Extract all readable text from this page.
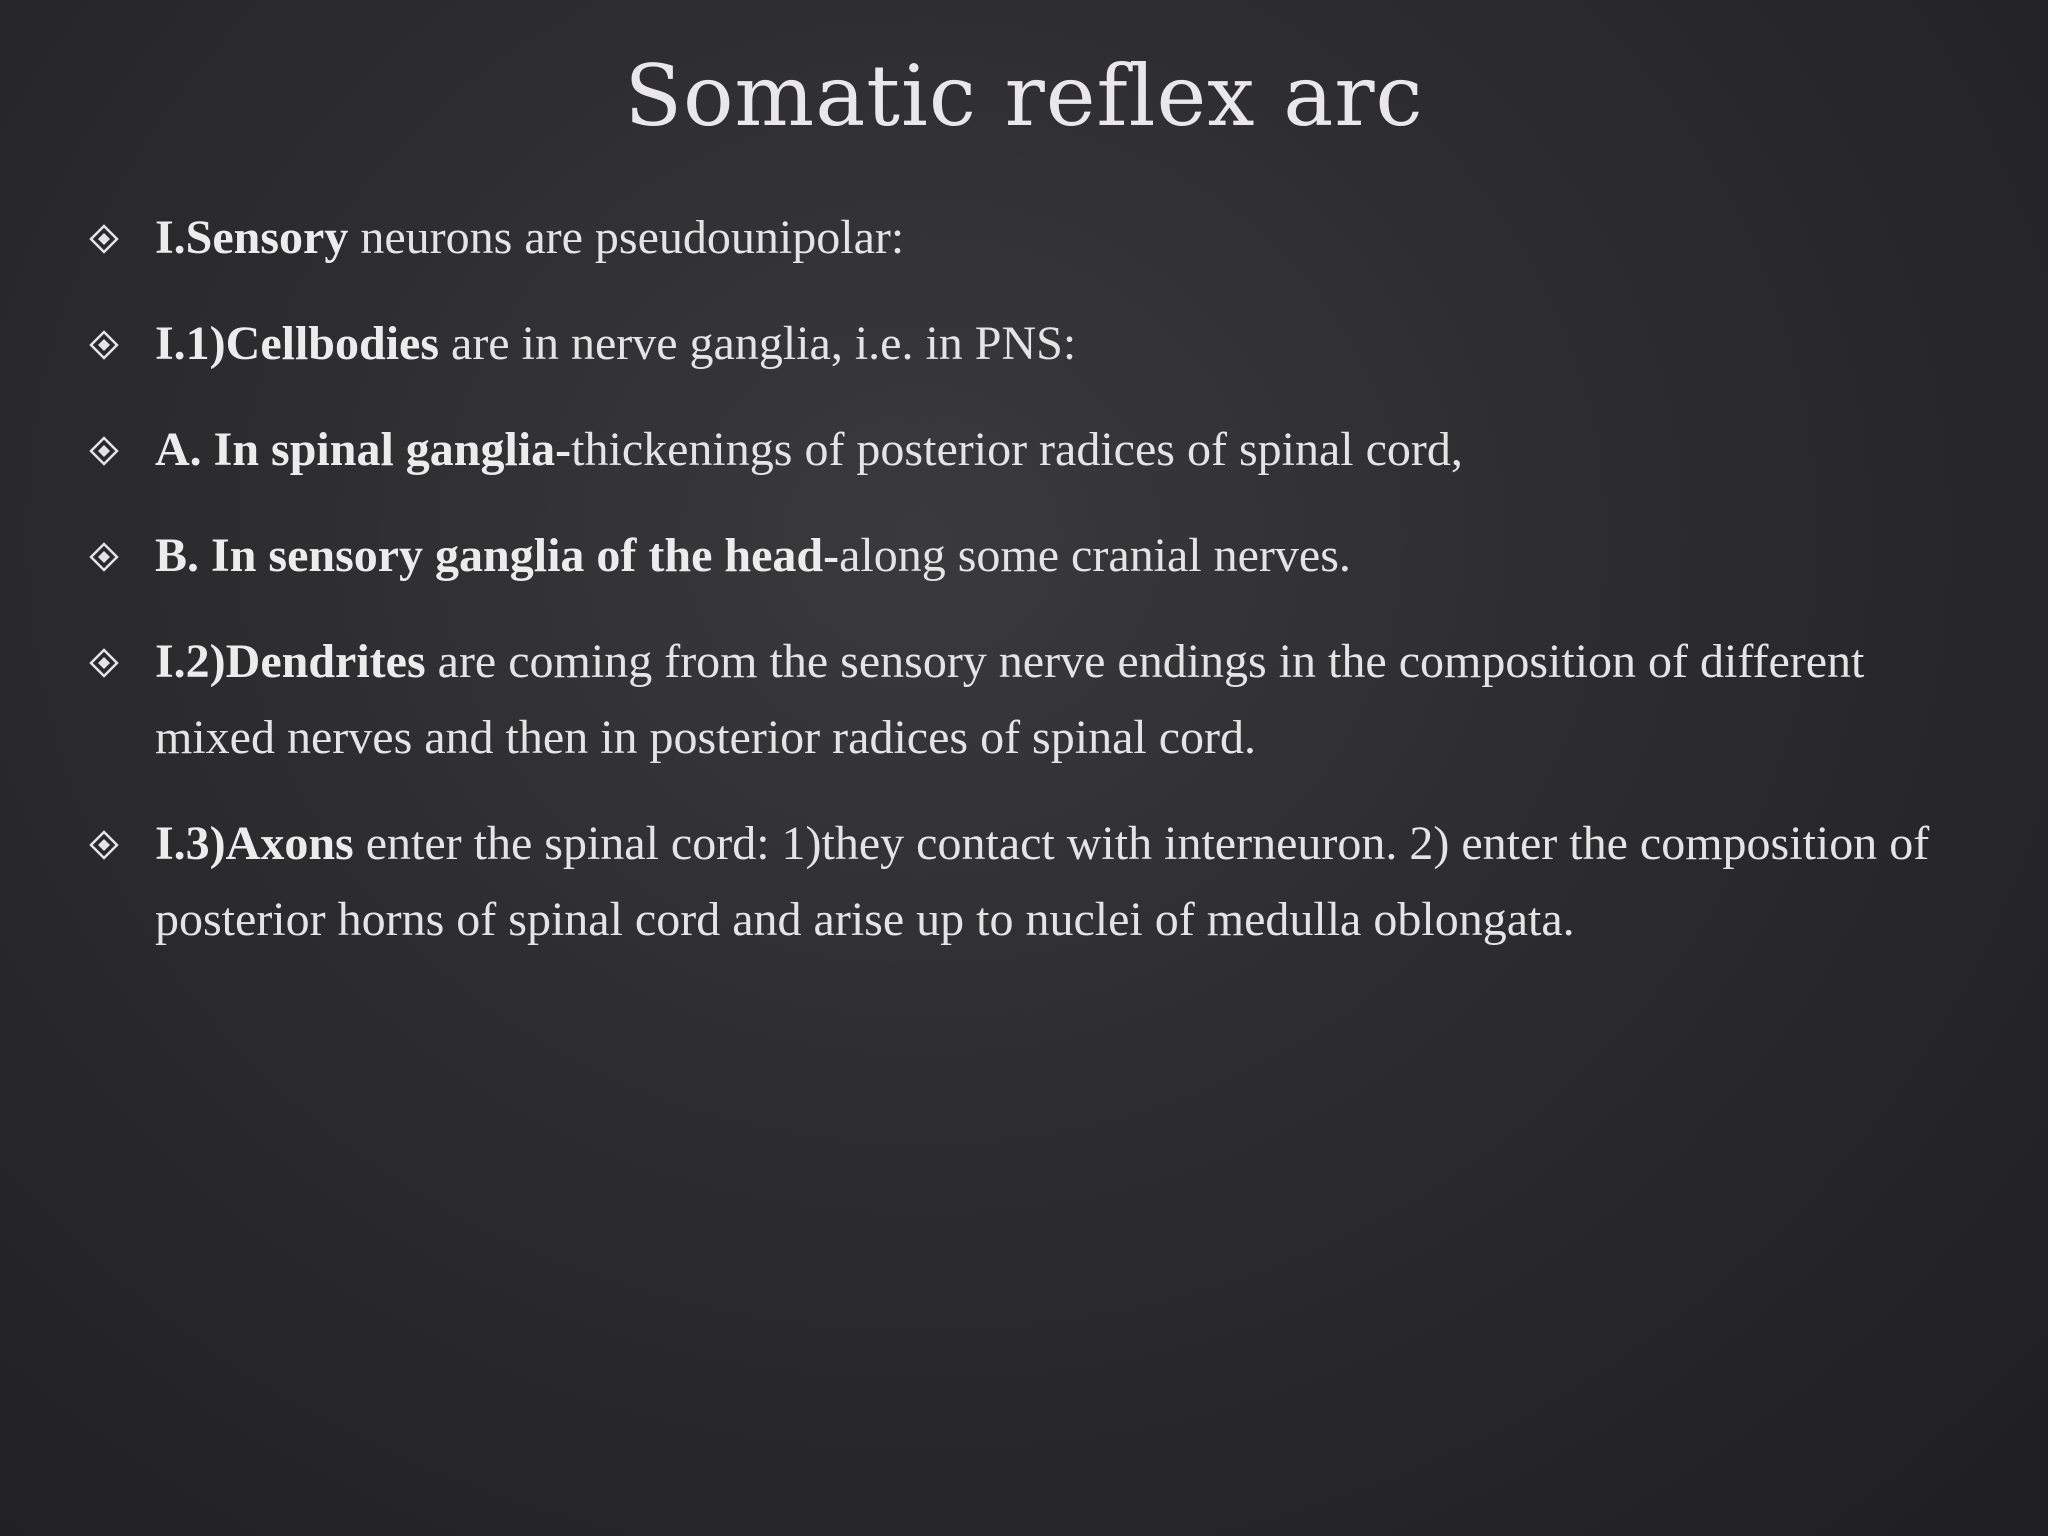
Somatic reflex arc
I.Sensory neurons are pseudounipolar:
I.1)Cellbodies are in nerve ganglia, i.e. in PNS:
A. In spinal ganglia-thickenings of posterior radices of spinal cord,
B. In sensory ganglia of the head-along some cranial nerves.
I.2)Dendrites are coming from the sensory nerve endings in the composition of different mixed nerves and then in posterior radices of spinal cord.
I.3)Axons enter the spinal cord: 1)they contact with interneuron. 2) enter the composition of posterior horns of spinal cord and arise up to nuclei of medulla oblongata.
